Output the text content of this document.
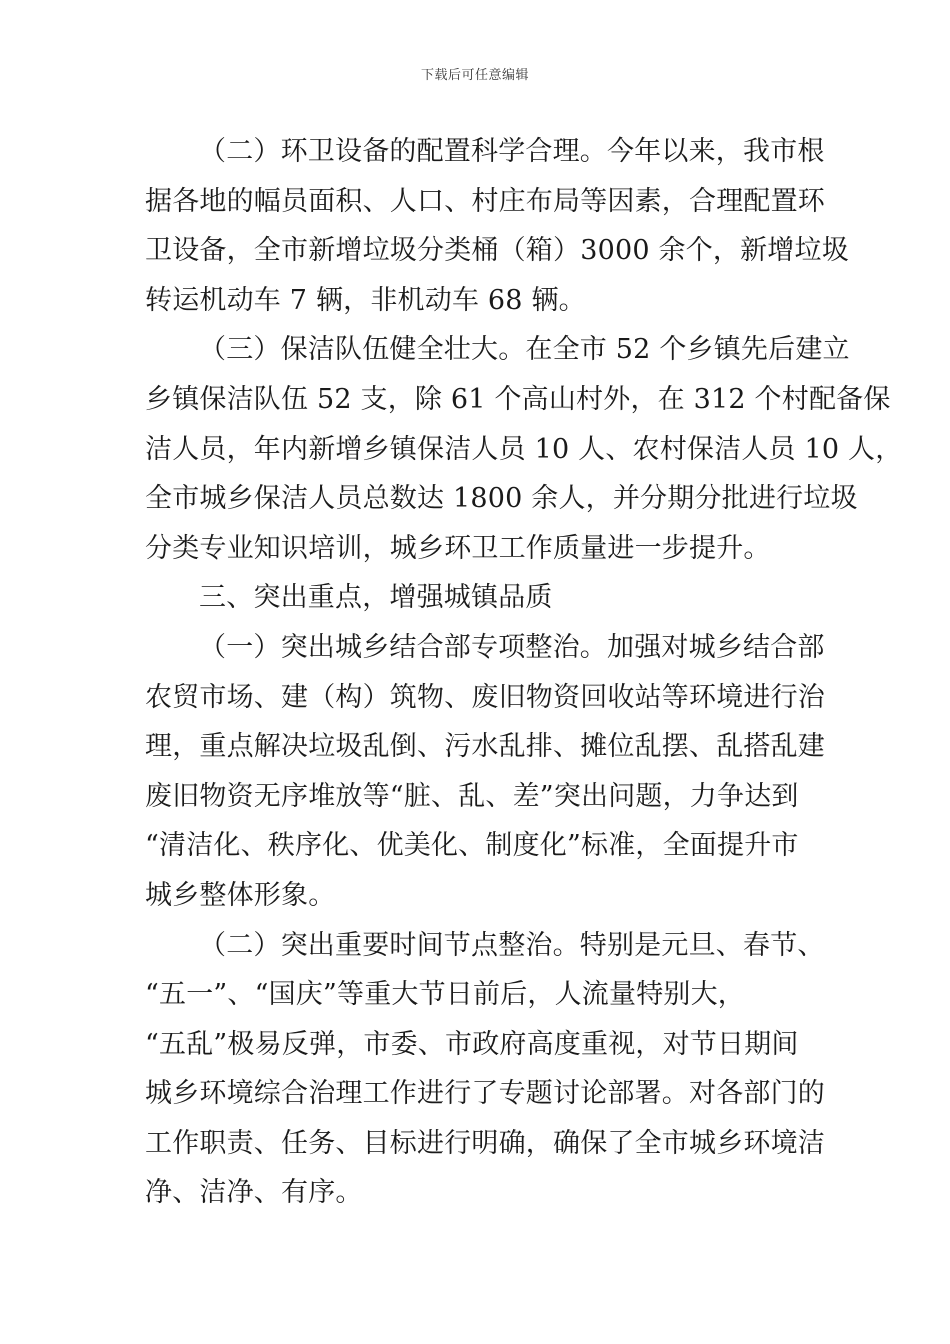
下载后可任意编辑
（二）环卫设备的配置科学合理。今年以来，我市根
据各地的幅员面积、人口、村庄布局等因素，合理配置环
卫设备，全市新增垃圾分类桶（箱）3000 余个，新增垃圾
转运机动车 7 辆，非机动车 68 辆。
（三）保洁队伍健全壮大。在全市 52 个乡镇先后建立
乡镇保洁队伍 52 支，除 61 个高山村外，在 312 个村配备保
洁人员，年内新增乡镇保洁人员 10 人、农村保洁人员 10 人，
全市城乡保洁人员总数达 1800 余人，并分期分批进行垃圾
分类专业知识培训，城乡环卫工作质量进一步提升。
三、突出重点，增强城镇品质
（一）突出城乡结合部专项整治。加强对城乡结合部
农贸市场、建（构）筑物、废旧物资回收站等环境进行治
理，重点解决垃圾乱倒、污水乱排、摊位乱摆、乱搭乱建
废旧物资无序堆放等“脏、乱、差”突出问题，力争达到
“清洁化、秩序化、优美化、制度化”标准，全面提升市
城乡整体形象。
（二）突出重要时间节点整治。特别是元旦、春节、
“五一”、“国庆”等重大节日前后，人流量特别大，
“五乱”极易反弹，市委、市政府高度重视，对节日期间
城乡环境综合治理工作进行了专题讨论部署。对各部门的
工作职责、任务、目标进行明确，确保了全市城乡环境洁
净、洁净、有序。
